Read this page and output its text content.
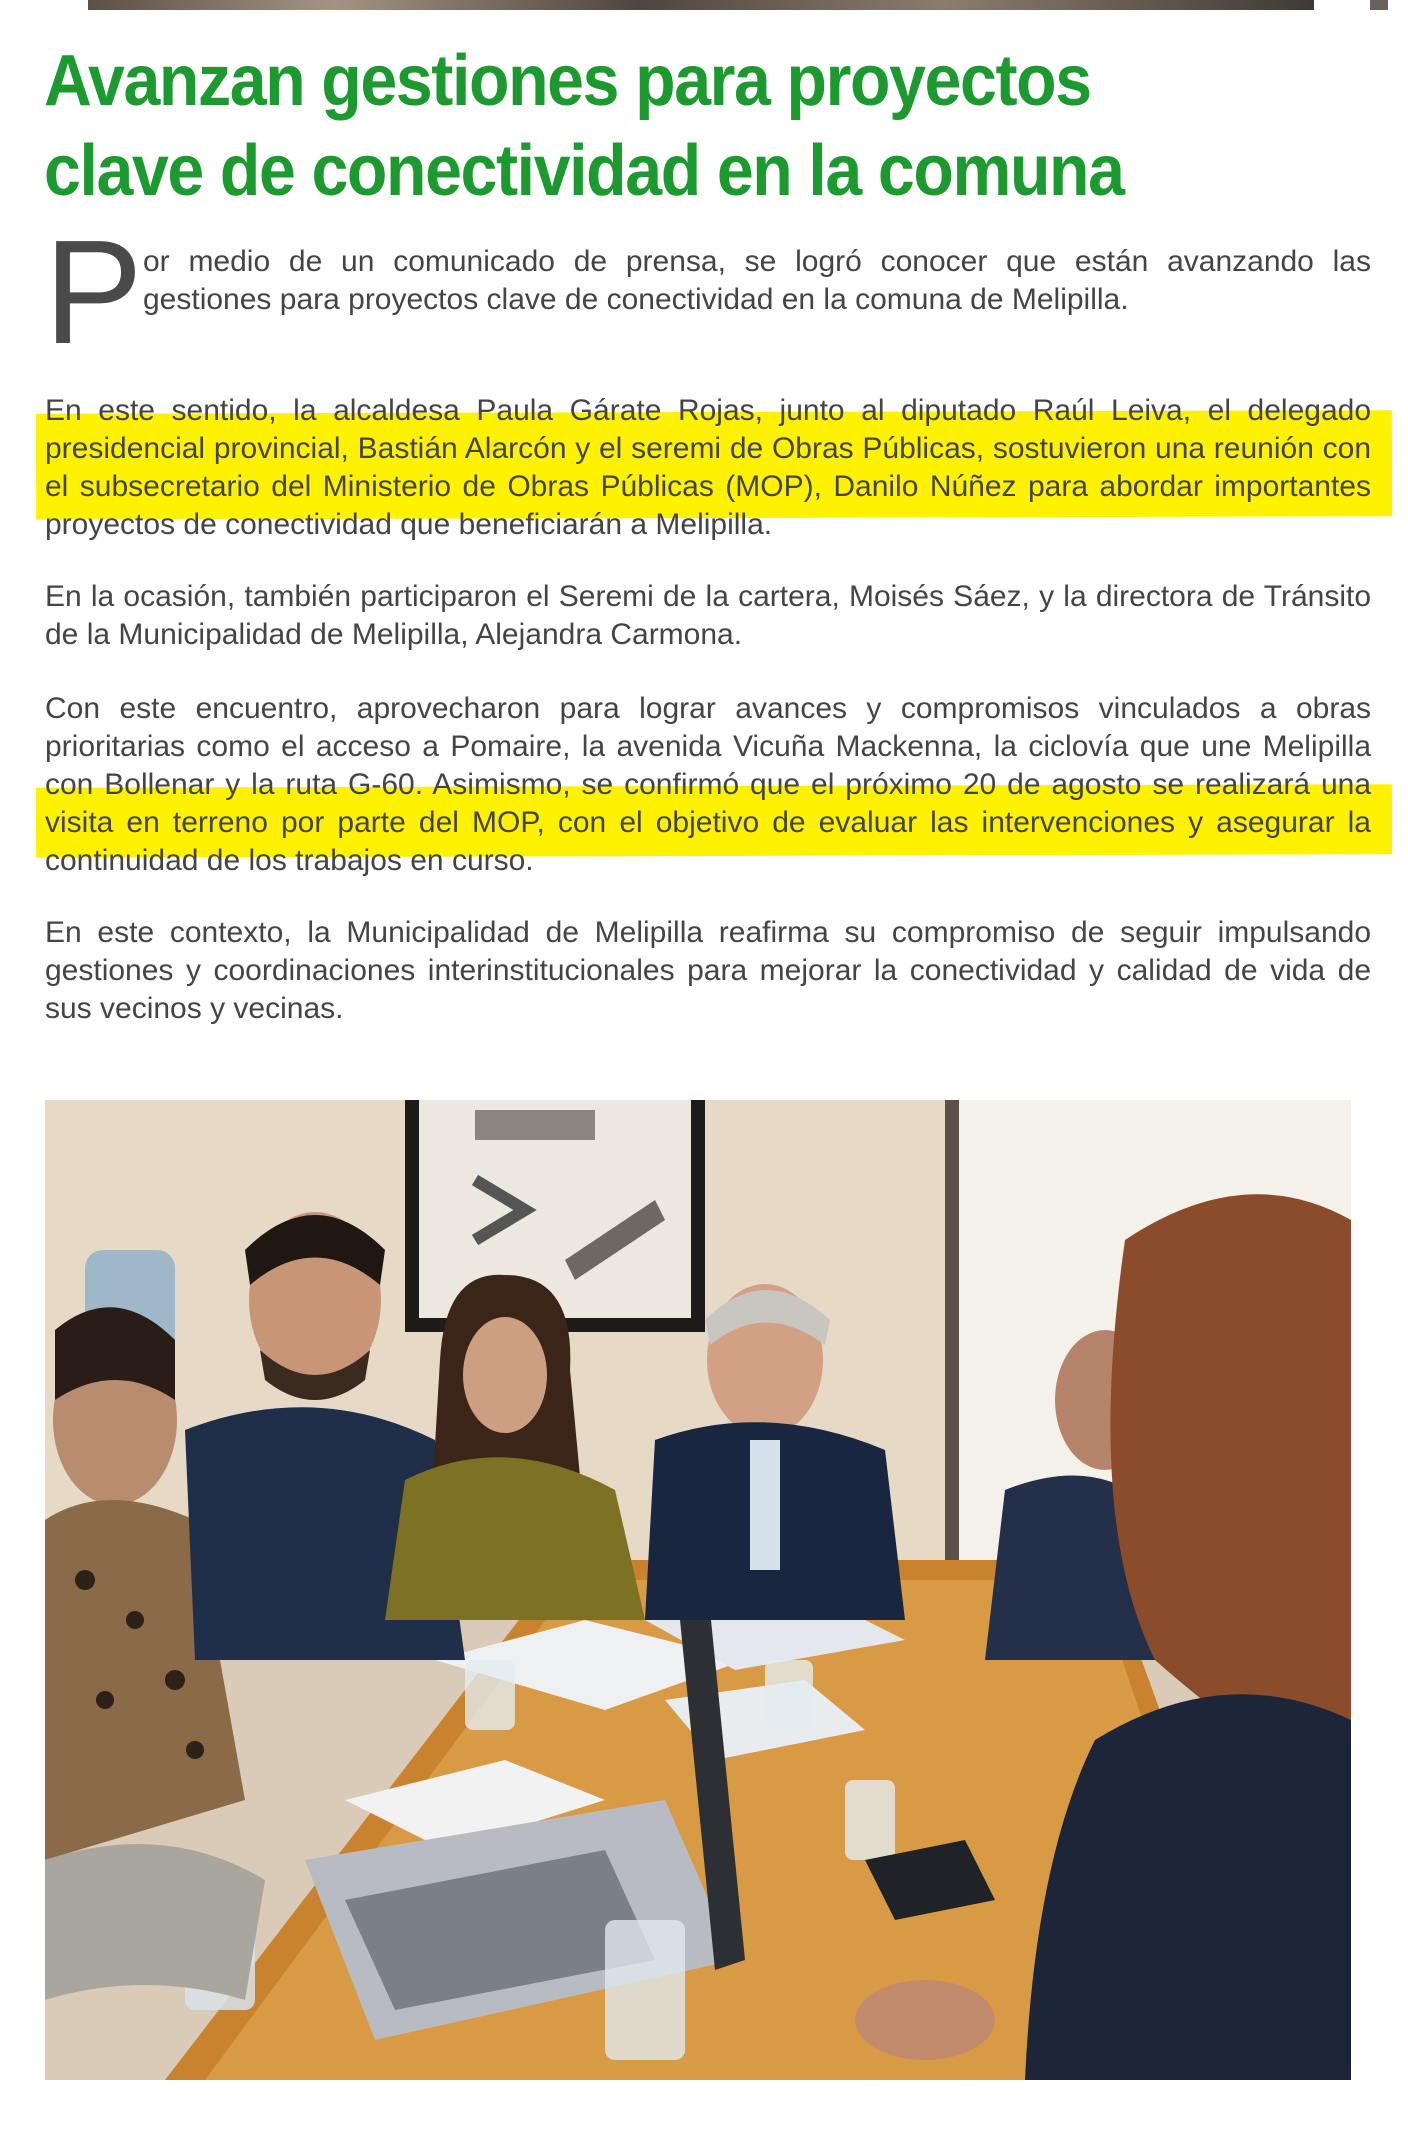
Avanzan gestiones para proyectos
clave de conectividad en la comuna
P or medio de un comunicado de prensa, se logró conocer que están avanzando las gestiones para proyectos clave de conectividad en la comuna de Melipilla.

En este sentido, la alcaldesa Paula Gárate Rojas, junto al diputado Raúl Leiva, el delegado presidencial provincial, Bastián Alarcón y el seremi de Obras Públicas, sostuvieron una reunión con el subsecretario del Ministerio de Obras Públicas (MOP), Danilo Núñez para abordar importantes proyectos de conectividad que beneficiarán a Melipilla.

En la ocasión, también participaron el Seremi de la cartera, Moisés Sáez, y la directora de Tránsito de la Municipalidad de Melipilla, Alejandra Carmona.

Con este encuentro, aprovecharon para lograr avances y compromisos vinculados a obras prioritarias como el acceso a Pomaire, la avenida Vicuña Mackenna, la ciclovía que une Melipilla con Bollenar y la ruta G-60. Asimismo, se confirmó que el próximo 20 de agosto se realizará una visita en terreno por parte del MOP, con el objetivo de evaluar las intervenciones y asegurar la continuidad de los trabajos en curso.

En este contexto, la Municipalidad de Melipilla reafirma su compromiso de seguir impulsando gestiones y coordinaciones interinstitucionales para mejorar la conectividad y calidad de vida de sus vecinos y vecinas.
